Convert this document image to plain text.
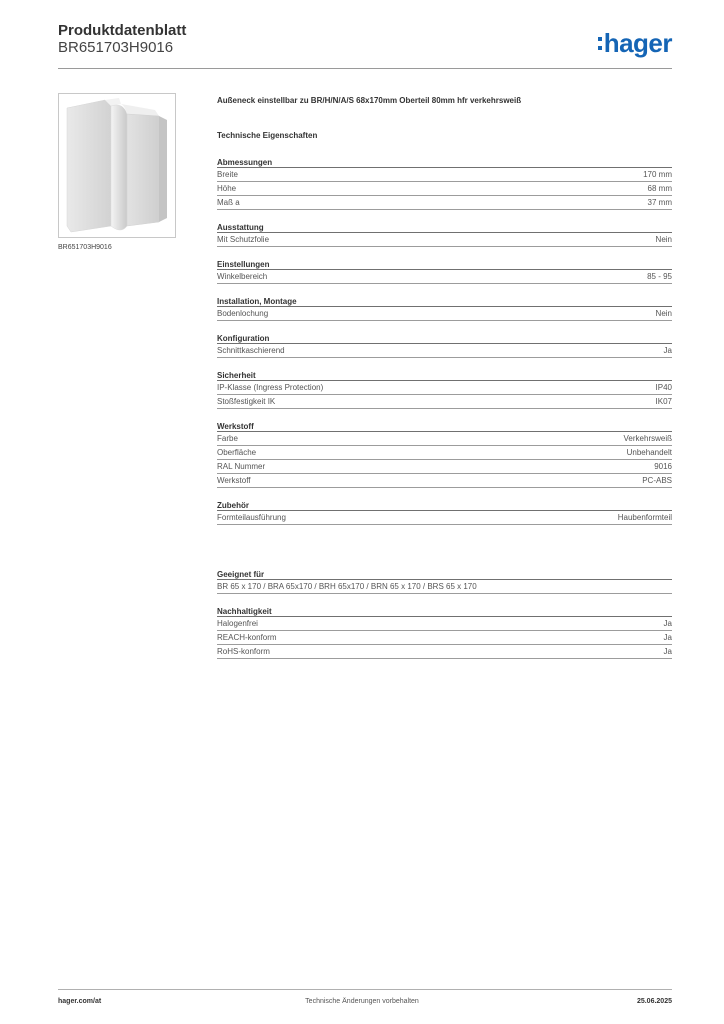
Produktdatenblatt
BR651703H9016	hager
BR651703H9016
Außeneck einstellbar zu BR/H/N/A/S 68x170mm Oberteil 80mm hfr verkehrsweiß
Technische Eigenschaften
Abmessungen
Breite	170 mm
Höhe	68 mm
Maß a	37 mm
Ausstattung
Mit Schutzfolie	Nein
Einstellungen
Winkelbereich	85 - 95
Installation, Montage
Bodenlochung	Nein
Konfiguration
Schnittkaschierend	Ja
Sicherheit
IP-Klasse (Ingress Protection)	IP40
Stoßfestigkeit IK	IK07
Werkstoff
Farbe	Verkehrsweiß
Oberfläche	Unbehandelt
RAL Nummer	9016
Werkstoff	PC-ABS
Zubehör
Formteilausführung	Haubenformteil
Geeignet für
BR 65 x 170 / BRA 65x170 / BRH 65x170 / BRN 65 x 170 / BRS 65 x 170
Nachhaltigkeit
Halogenfrei	Ja
REACH-konform	Ja
RoHS-konform	Ja
hager.com/at	Technische Änderungen vorbehalten	25.06.2025
